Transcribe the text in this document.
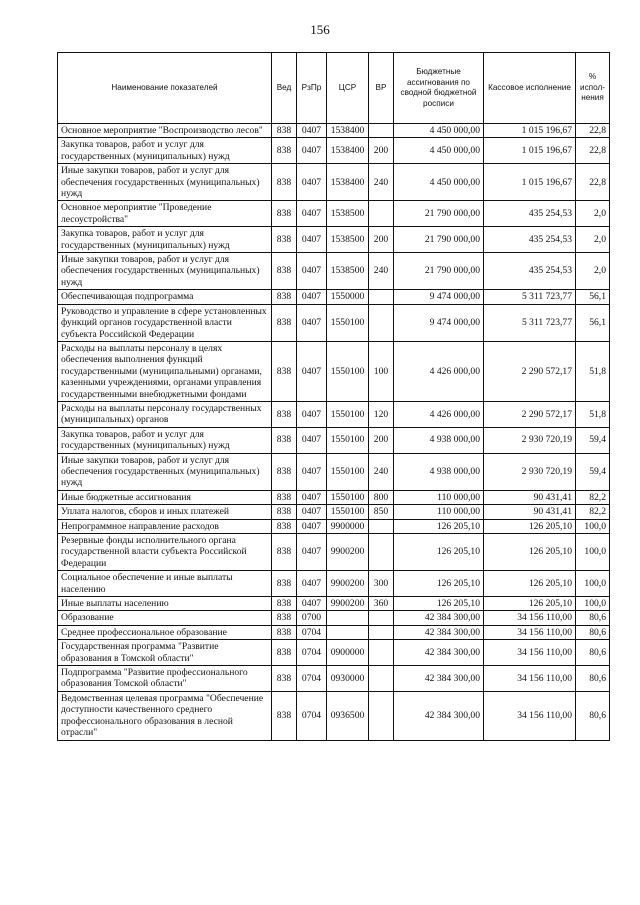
156
Наименование показателей	Вед	РзПр	ЦСР	ВР	Бюджетные ассигнования по сводной бюджетной росписи	Кассовое исполнение	% испол-нения
Основное мероприятие "Воспроизводство лесов"	838	0407	1538400		4 450 000,00	1 015 196,67	22,8
Закупка товаров, работ и услуг для государственных (муниципальных) нужд	838	0407	1538400	200	4 450 000,00	1 015 196,67	22,8
Иные закупки товаров, работ и услуг для обеспечения государственных (муниципальных) нужд	838	0407	1538400	240	4 450 000,00	1 015 196,67	22,8
Основное мероприятие "Проведение лесоустройства"	838	0407	1538500		21 790 000,00	435 254,53	2,0
Закупка товаров, работ и услуг для государственных (муниципальных) нужд	838	0407	1538500	200	21 790 000,00	435 254,53	2,0
Иные закупки товаров, работ и услуг для обеспечения государственных (муниципальных) нужд	838	0407	1538500	240	21 790 000,00	435 254,53	2,0
Обеспечивающая подпрограмма	838	0407	1550000		9 474 000,00	5 311 723,77	56,1
Руководство и управление в сфере установленных функций органов государственной власти субъекта Российской Федерации	838	0407	1550100		9 474 000,00	5 311 723,77	56,1
Расходы на выплаты персоналу в целях обеспечения выполнения функций государственными (муниципальными) органами, казенными учреждениями, органами управления государственными внебюджетными фондами	838	0407	1550100	100	4 426 000,00	2 290 572,17	51,8
Расходы на выплаты персоналу государственных (муниципальных) органов	838	0407	1550100	120	4 426 000,00	2 290 572,17	51,8
Закупка товаров, работ и услуг для государственных (муниципальных) нужд	838	0407	1550100	200	4 938 000,00	2 930 720,19	59,4
Иные закупки товаров, работ и услуг для обеспечения государственных (муниципальных) нужд	838	0407	1550100	240	4 938 000,00	2 930 720,19	59,4
Иные бюджетные ассигнования	838	0407	1550100	800	110 000,00	90 431,41	82,2
Уплата налогов, сборов и иных платежей	838	0407	1550100	850	110 000,00	90 431,41	82,2
Непрограммное направление расходов	838	0407	9900000		126 205,10	126 205,10	100,0
Резервные фонды исполнительного органа государственной власти субъекта Российской Федерации	838	0407	9900200		126 205,10	126 205,10	100,0
Социальное обеспечение и иные выплаты населению	838	0407	9900200	300	126 205,10	126 205,10	100,0
Иные выплаты населению	838	0407	9900200	360	126 205,10	126 205,10	100,0
Образование	838	0700			42 384 300,00	34 156 110,00	80,6
Среднее профессиональное образование	838	0704			42 384 300,00	34 156 110,00	80,6
Государственная программа "Развитие образования в Томской области"	838	0704	0900000		42 384 300,00	34 156 110,00	80,6
Подпрограмма "Развитие профессионального образования Томской области"	838	0704	0930000		42 384 300,00	34 156 110,00	80,6
Ведомственная целевая программа "Обеспечение доступности качественного среднего профессионального образования в лесной отрасли"	838	0704	0936500		42 384 300,00	34 156 110,00	80,6
